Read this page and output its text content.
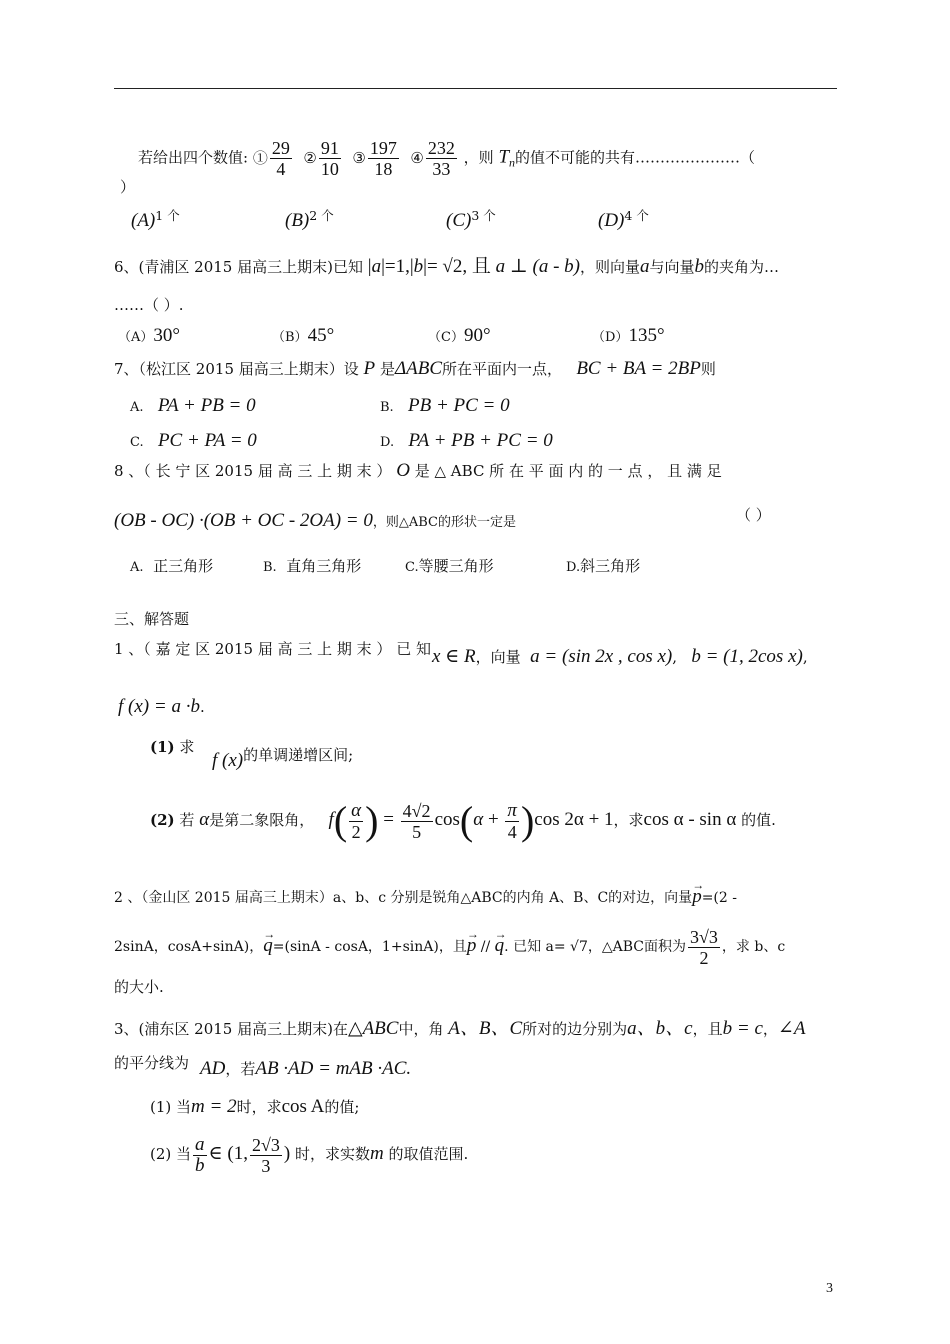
若给出四个数值: ① $\frac{29}{4}$ ② $\frac{91}{10}$ ③ $\frac{197}{18}$ ④ $\frac{232}{33}$ ，则 $T_n$的值不可能的共有…………………（
）
$(A)^{1 个}$	$(B)^{2 个}$	$(C)^{3 个}$	$(D)^{4 个}$
6、(青浦区 2015 届高三上期末)已知 |a|=1,|b|= √2, 且 a ⊥ (a - b)，则向量a与向量b的夹角为…
……（ ）.
（A）30°	（B）45°	（C）90°	（D）135°
7、（松江区 2015 届高三上期末）设 P 是ΔABC所在平面内一点， BC + BA = 2BP则
A. PA + PB = 0	B. PB + PC = 0
C. PC + PA = 0	D. PA + PB + PC = 0
8 、（ 长 宁 区 2015 届 高 三 上 期 末 ） O 是 △ ABC 所 在 平 面 内 的 一 点 ， 且 满 足
(OB - OC) ·(OB + OC - 2OA) = 0，则△ABC的形状一定是	（ ）
A. 正三角形	B. 直角三角形	C.等腰三角形	D.斜三角形
三、解答题
1 、（ 嘉 定 区 2015 届 高 三 上 期 末 ） 已 知 x ∈ R，向量 a = (sin 2x , cos x),   b = (1, 2cos x),
f (x) = a ·b.
(1) 求
f (x)的单调递增区间;
(2) 若 α是第二象限角， $f( \frac{\alpha}{2}$ ) = $\frac{4√2}{5} \cos(\alpha + \frac{\pi}{4} )\cos$ 2α + 1，求cos α - sin α 的值.
2 、（金山区 2015 届高三上期末）a、b、c 分别是锐角△ABC的内角 A、B、C的对边，向量→ p=(2 -
2sinA，cosA+sinA)，→ q=(sinA - cosA，1+sinA)，且→ p // → q. 已知 a= √7，△ABC面积为 $\frac{3√3}{2}$ ，求 b、c
的大小.
3、(浦东区 2015 届高三上期末)在△ABC中，角 A、B、C所对的边分别为a、b、c，且b = c，∠A
的平分线为 AD，若AB ·AD = mAB ·AC.
(1) 当m = 2时，求cos A的值;
(2) 当 $\frac{a}{b}$ ∈ (1, $\frac{2√3}{3}$ ) 时，求实数m 的取值范围.
3
